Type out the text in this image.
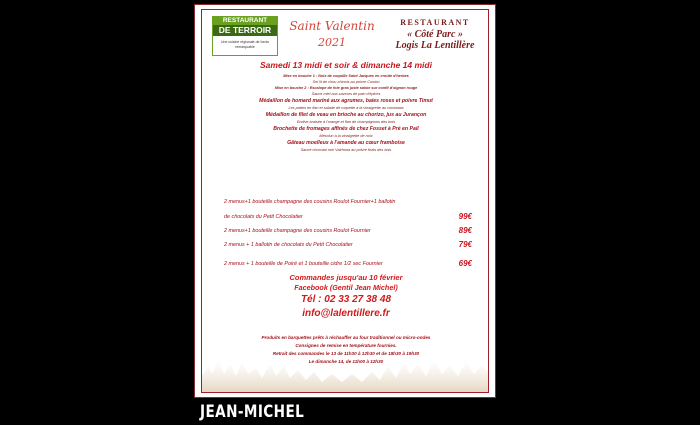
RESTAURANT
DE TERROIR
Une cuisine régionale de fonds remarquable
Saint Valentin
2021
RESTAURANT
« Côté Parc »
Logis La Lentillère
Samedi 13 midi et soir & dimanche 14 midi
Mise en bouche 1 : Noix de coquille Saint Jacques en croûte d'herbes
Sel lit de chou-chinois au poivre Cumbo
Mise en bouche 2 : Escalope de foie gras juste saisie sur confit d'oignon rouge
Sauce miel aux saveurs de pain d'épices
Médaillon de homard mariné aux agrumes, baies roses et poivre Timut
Les pattes en flan et salade de roquette à la vinaigrette au combawa
Médaillon de filet de veau en brioche au chorizo, jus au Jurançon
Endive braisée à l'orange et flan de champignons des bois
Brochette de fromages affinés de chez Fosset à Pré en Pail
Mesclun à la vinaigrette de noix
Gâteau moelleux à l'amande au cœur framboise
Sauce chocolat noir Valrhona au poivre fruits des bois
2 menus+1 bouteille champagne des cousins Roulot Fournier+1 ballotin
de chocolats du Petit Chocolatier	99€
2 menus+1 bouteille champagne des cousins Roulot Fournier	89€
2 menus + 1 ballotin de chocolats du Petit Chocolatier	79€
2 menus + 1 bouteille de Poiré et 1 bouteille cidre 1/2 sec Fournier	69€
Commandes jusqu'au 10 février
Facebook (Gentil Jean Michel)
Tél : 02 33 27 38 48
info@lalentillere.fr
Produits en barquettes prêts à réchauffer au four traditionnel ou micro-ondes
Consignes de remise en température fournies.
Retrait des commandes le 13 de 11h30 à 12h30 et de 18h30 à 19h30
Le dimanche 14, de 11h00 à 12h30
JEAN-MICHEL
